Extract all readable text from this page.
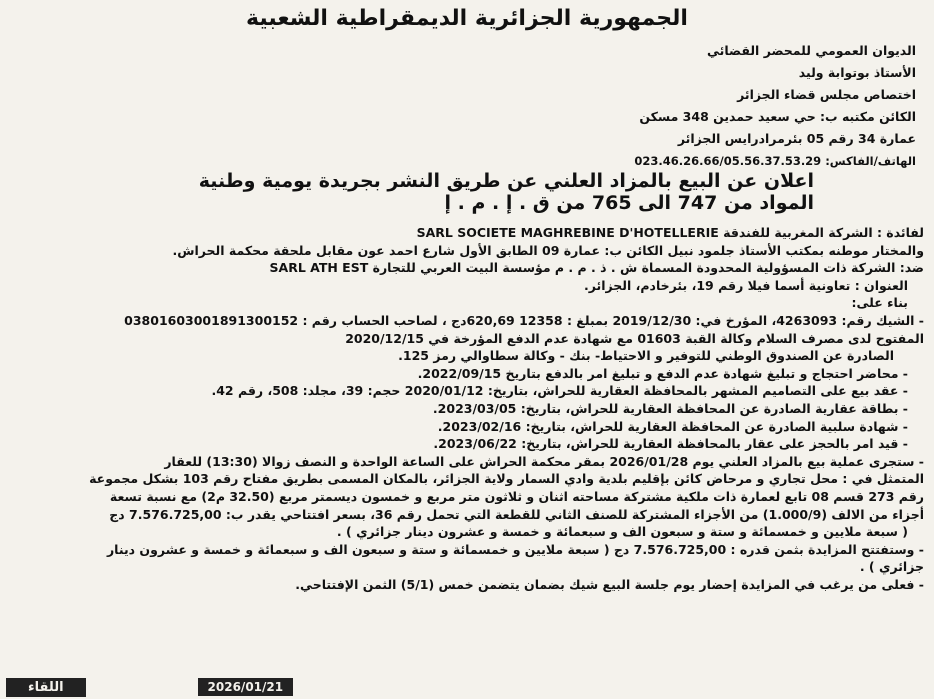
الجمهورية الجزائرية الديمقراطية الشعبية
الديوان العمومي للمحضر القضائي
الأستاذ بوتوابة وليد
اختصاص مجلس قضاء الجزائر
الكائن مكتبه ب: حي سعيد حمدين 348 مسكن
عمارة 34 رقم 05 بئرمرادرايس الجزائر
الهاتف/الفاكس: 023.46.26.66/05.56.37.53.29
اعلان عن البيع بالمزاد العلني عن طريق النشر بجريدة يومية وطنية
المواد من 747 الى 765 من ق . إ . م . إ

لفائدة : الشركة المغربية للفندقة SARL SOCIETE MAGHREBINE D'HOTELLERIE

والمختار موطنه بمكتب الأستاذ جلمود نبيل الكائن ب: عمارة 09 الطابق الأول شارع احمد عون مقابل ملحقة محكمة الحراش.

ضد: الشركة ذات المسؤولية المحدودة المسماة ش . ذ . م . م مؤسسة البيت العربي للتجارة SARL ATH EST

العنوان : تعاونية أسما فيلا رقم 19، بئرخادم، الجزائر.

بناء على:

- الشيك رقم: 4263093، المؤرخ في: 2019/12/30 بمبلغ : 12358 620,69دج ، لصاحب الحساب رقم : 03801603001891300152

المفتوح لدى مصرف السلام وكالة القبة 01603 مع شهادة عدم الدفع المؤرخة في 2020/12/15

الصادرة عن الصندوق الوطني للتوفير و الاحتياط- بنك - وكالة سطاوالي رمز 125.

- محاضر احتجاج و تبليغ شهادة عدم الدفع و تبليغ امر بالدفع بتاريخ 2022/09/15.

- عقد بيع على التصاميم المشهر بالمحافظة العقارية للحراش، بتاريخ: 2020/01/12 حجم: 39، مجلد: 508، رقم 42.

- بطاقة عقارية الصادرة عن المحافظة العقارية للحراش، بتاريخ: 2023/03/05.

- شهادة سلبية الصادرة عن المحافظة العقارية للحراش، بتاريخ: 2023/02/16.

- قيد امر بالحجز على عقار بالمحافظة العقارية للحراش، بتاريخ: 2023/06/22.

- ستجرى عملية بيع بالمزاد العلني يوم 2026/01/28 بمقر محكمة الحراش على الساعة الواحدة و النصف زوالا (13:30) للعقار

المتمثل في : محل تجاري و مرحاض كائن بإقليم بلدية وادي السمار ولاية الجزائر، بالمكان المسمى بطريق مفتاح رقم 103 بشكل مجموعة

رقم 273 قسم 08 تابع لعمارة ذات ملكية مشتركة مساحته اثنان و ثلاثون متر مربع و خمسون ديسمتر مربع (32.50 م2) مع نسبة تسعة

أجزاء من الالف (1.000/9) من الأجزاء المشتركة للصنف الثاني للقطعة التي تحمل رقم 36، بسعر افتتاحي يقدر ب: 7.576.725,00 دج

( سبعة ملايين و خمسمائة و ستة و سبعون الف و سبعمائة و خمسة و عشرون دينار جزائري ) .

- وستفتتح المزايدة بثمن قدره : 7.576.725,00 دج ( سبعة ملايين و خمسمائة و ستة و سبعون الف و سبعمائة و خمسة و عشرون دينار

جزائري ) .

- فعلى من يرغب في المزايدة إحضار يوم جلسة البيع شيك بضمان يتضمن خمس (5/1) الثمن الإفتتاحي.

اللقاء	2026/01/21
